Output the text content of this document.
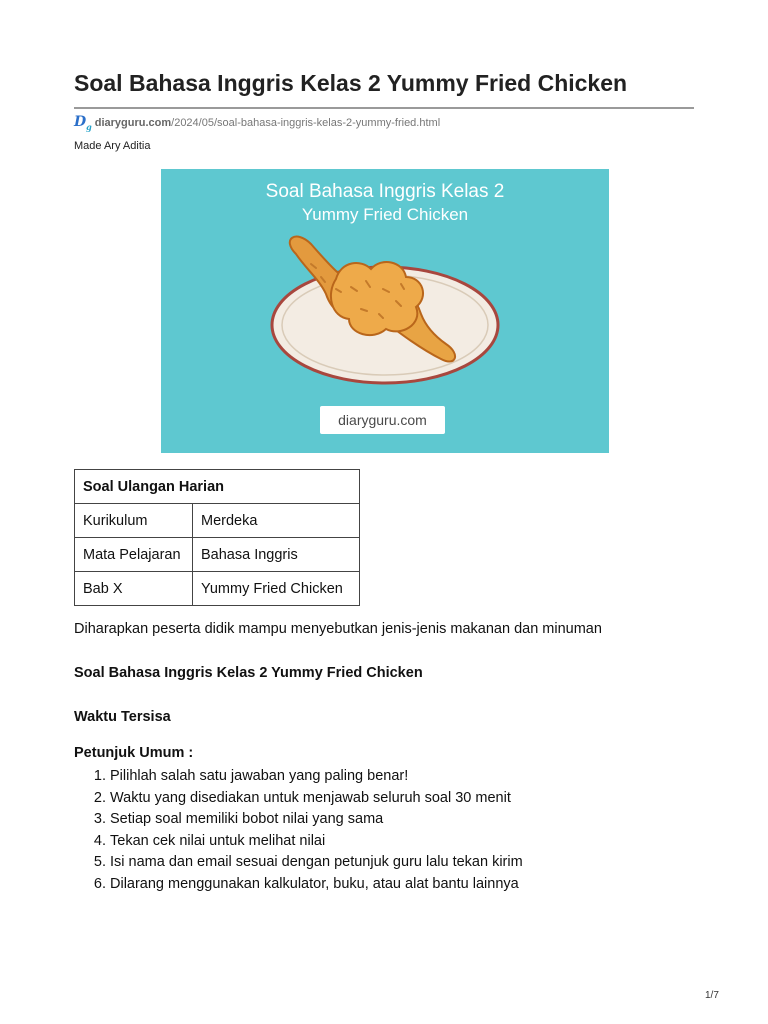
Soal Bahasa Inggris Kelas 2 Yummy Fried Chicken
$D_g$ diaryguru.com/2024/05/soal-bahasa-inggris-kelas-2-yummy-fried.html
Made Ary Aditia
Soal Bahasa Inggris Kelas 2
Yummy Fried Chicken
diaryguru.com
Soal Ulangan Harian	
Kurikulum	Merdeka
Mata Pelajaran	Bahasa Inggris
Bab X	Yummy Fried Chicken
Diharapkan peserta didik mampu menyebutkan jenis-jenis makanan dan minuman
Soal Bahasa Inggris Kelas 2 Yummy Fried Chicken
Waktu Tersisa
Petunjuk Umum :
1. Pilihlah salah satu jawaban yang paling benar!
2. Waktu yang disediakan untuk menjawab seluruh soal 30 menit
3. Setiap soal memiliki bobot nilai yang sama
4. Tekan cek nilai untuk melihat nilai
5. Isi nama dan email sesuai dengan petunjuk guru lalu tekan kirim
6. Dilarang menggunakan kalkulator, buku, atau alat bantu lainnya
1/7
